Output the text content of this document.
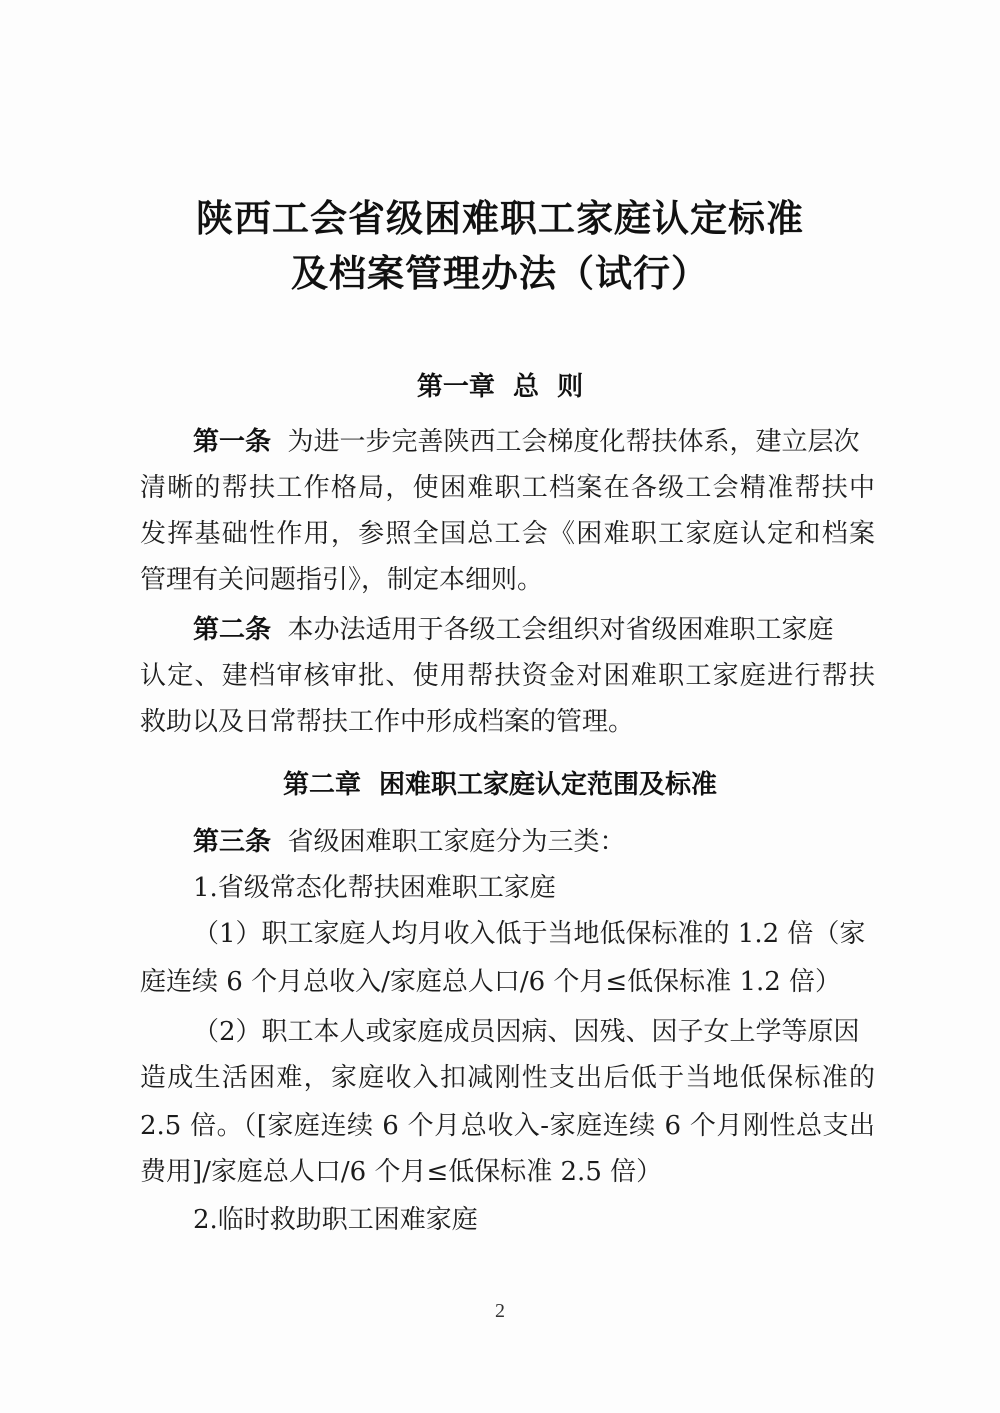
陕西工会省级困难职工家庭认定标准
及档案管理办法（试行）
第一章  总  则
第一条 为进一步完善陕西工会梯度化帮扶体系，建立层次
清晰的帮扶工作格局，使困难职工档案在各级工会精准帮扶中
发挥基础性作用，参照全国总工会《困难职工家庭认定和档案
管理有关问题指引》，制定本细则。
第二条 本办法适用于各级工会组织对省级困难职工家庭
认定、建档审核审批、使用帮扶资金对困难职工家庭进行帮扶
救助以及日常帮扶工作中形成档案的管理。
第二章  困难职工家庭认定范围及标准
第三条 省级困难职工家庭分为三类：
1.省级常态化帮扶困难职工家庭
（1）职工家庭人均月收入低于当地低保标准的 1.2 倍（家
庭连续 6 个月总收入/家庭总人口/6 个月≤低保标准 1.2 倍）
（2）职工本人或家庭成员因病、因残、因子女上学等原因
造成生活困难，家庭收入扣减刚性支出后低于当地低保标准的
2.5 倍。（[家庭连续 6 个月总收入-家庭连续 6 个月刚性总支出
费用]/家庭总人口/6 个月≤低保标准 2.5 倍）
2.临时救助职工困难家庭
2
